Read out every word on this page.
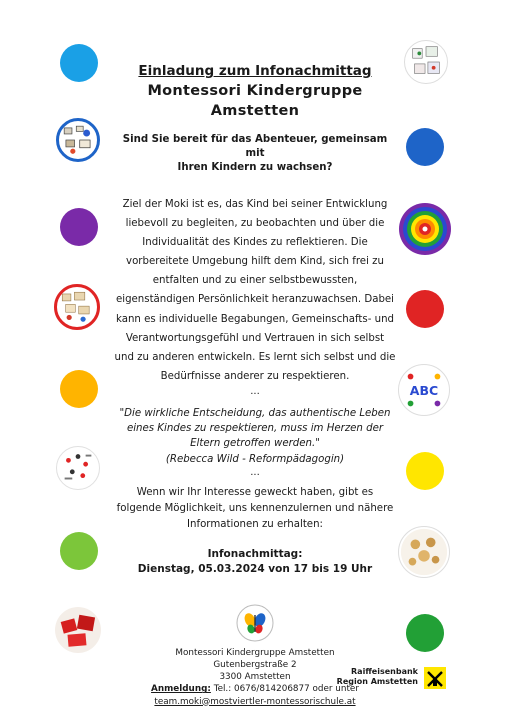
ABC
Einladung zum Infonachmittag
Montessori Kindergruppe
Amstetten
Sind Sie bereit für das Abenteuer, gemeinsam mit
Ihren Kindern zu wachsen?
Ziel der Moki ist es, das Kind bei seiner Entwicklung
liebevoll zu begleiten, zu beobachten und über die
Individualität des Kindes zu reflektieren. Die
vorbereitete Umgebung hilft dem Kind, sich frei zu
entfalten und zu einer selbstbewussten,
eigenständigen Persönlichkeit heranzuwachsen. Dabei
kann es individuelle Begabungen, Gemeinschafts- und
Verantwortungsgefühl und Vertrauen in sich selbst
und zu anderen entwickeln. Es lernt sich selbst und die
Bedürfnisse anderer zu respektieren.
...
"Die wirkliche Entscheidung, das authentische Leben
eines Kindes zu respektieren, muss im Herzen der
Eltern getroffen werden."
(Rebecca Wild - Reformpädagogin)
...
Wenn wir Ihr Interesse geweckt haben, gibt es
folgende Möglichkeit, uns kennenzulernen und nähere
Informationen zu erhalten:
Infonachmittag:
Dienstag, 05.03.2024 von 17 bis 19 Uhr
Montessori Kindergruppe Amstetten
Gutenbergstraße 2
3300 Amstetten
Anmeldung: Tel.: 0676/814206877 oder unter
team.moki@mostviertler-montessorischule.at
Raiffeisenbank
Region Amstetten
